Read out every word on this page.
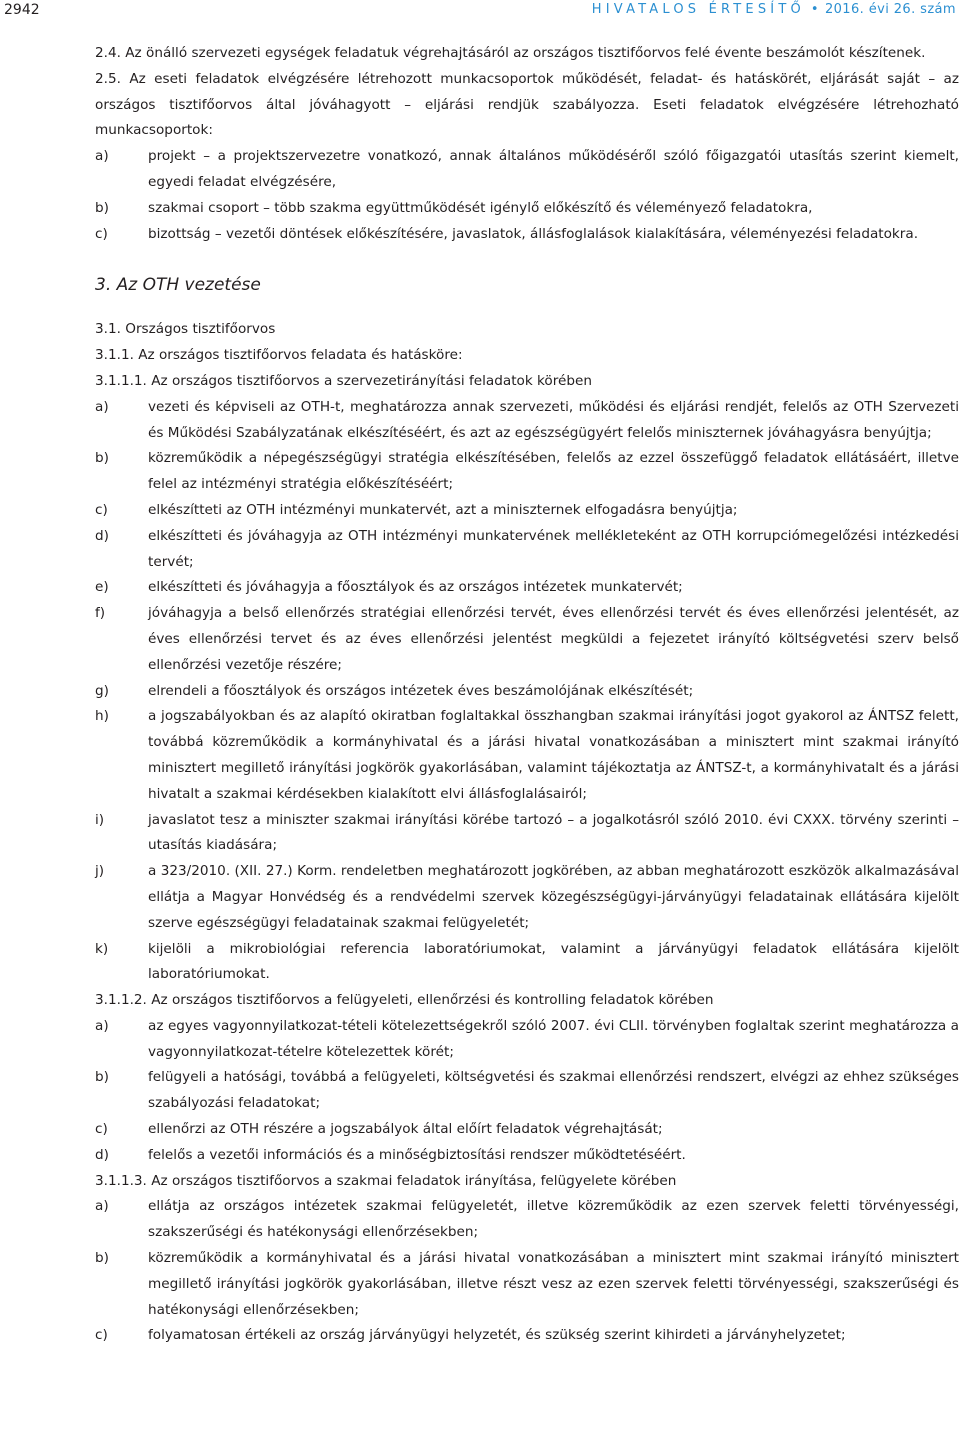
2942	HIVATALOS ÉRTESÍTŐ • 2016. évi 26. szám

2.4. Az önálló szervezeti egységek feladatuk végrehajtásáról az országos tisztifőorvos felé évente beszámolót készítenek.

2.5. Az eseti feladatok elvégzésére létrehozott munkacsoportok működését, feladat- és hatáskörét, eljárását saját – az országos tisztifőorvos által jóváhagyott – eljárási rendjük szabályozza. Eseti feladatok elvégzésére létrehozható munkacsoportok:

a)	projekt – a projektszervezetre vonatkozó, annak általános működéséről szóló főigazgatói utasítás szerint kiemelt, egyedi feladat elvégzésére,
b)	szakmai csoport – több szakma együttműködését igénylő előkészítő és véleményező feladatokra,
c)	bizottság – vezetői döntések előkészítésére, javaslatok, állásfoglalások kialakítására, véleményezési feladatokra.
3. Az OTH vezetése

3.1. Országos tisztifőorvos

3.1.1. Az országos tisztifőorvos feladata és hatásköre:

3.1.1.1. Az országos tisztifőorvos a szervezetirányítási feladatok körében

a)	vezeti és képviseli az OTH-t, meghatározza annak szervezeti, működési és eljárási rendjét, felelős az OTH Szervezeti és Működési Szabályzatának elkészítéséért, és azt az egészségügyért felelős miniszternek jóváhagyásra benyújtja;
b)	közreműködik a népegészségügyi stratégia elkészítésében, felelős az ezzel összefüggő feladatok ellátásáért, illetve felel az intézményi stratégia előkészítéséért;
c)	elkészítteti az OTH intézményi munkatervét, azt a miniszternek elfogadásra benyújtja;
d)	elkészítteti és jóváhagyja az OTH intézményi munkatervének mellékleteként az OTH korrupciómegelőzési intézkedési tervét;
e)	elkészítteti és jóváhagyja a főosztályok és az országos intézetek munkatervét;
f)	jóváhagyja a belső ellenőrzés stratégiai ellenőrzési tervét, éves ellenőrzési tervét és éves ellenőrzési jelentését, az éves ellenőrzési tervet és az éves ellenőrzési jelentést megküldi a fejezetet irányító költségvetési szerv belső ellenőrzési vezetője részére;
g)	elrendeli a főosztályok és országos intézetek éves beszámolójának elkészítését;
h)	a jogszabályokban és az alapító okiratban foglaltakkal összhangban szakmai irányítási jogot gyakorol az ÁNTSZ felett, továbbá közreműködik a kormányhivatal és a járási hivatal vonatkozásában a minisztert mint szakmai irányító minisztert megillető irányítási jogkörök gyakorlásában, valamint tájékoztatja az ÁNTSZ-t, a kormányhivatalt és a járási hivatalt a szakmai kérdésekben kialakított elvi állásfoglalásairól;
i)	javaslatot tesz a miniszter szakmai irányítási körébe tartozó – a jogalkotásról szóló 2010. évi CXXX. törvény szerinti – utasítás kiadására;
j)	a 323/2010. (XII. 27.) Korm. rendeletben meghatározott jogkörében, az abban meghatározott eszközök alkalmazásával ellátja a Magyar Honvédség és a rendvédelmi szervek közegészségügyi-járványügyi feladatainak ellátására kijelölt szerve egészségügyi feladatainak szakmai felügyeletét;
k)	kijelöli a mikrobiológiai referencia laboratóriumokat, valamint a járványügyi feladatok ellátására kijelölt laboratóriumokat.

3.1.1.2. Az országos tisztifőorvos a felügyeleti, ellenőrzési és kontrolling feladatok körében

a)	az egyes vagyonnyilatkozat-tételi kötelezettségekről szóló 2007. évi CLII. törvényben foglaltak szerint meghatározza a vagyonnyilatkozat-tételre kötelezettek körét;
b)	felügyeli a hatósági, továbbá a felügyeleti, költségvetési és szakmai ellenőrzési rendszert, elvégzi az ehhez szükséges szabályozási feladatokat;
c)	ellenőrzi az OTH részére a jogszabályok által előírt feladatok végrehajtását;
d)	felelős a vezetői információs és a minőségbiztosítási rendszer működtetéséért.

3.1.1.3. Az országos tisztifőorvos a szakmai feladatok irányítása, felügyelete körében

a)	ellátja az országos intézetek szakmai felügyeletét, illetve közreműködik az ezen szervek feletti törvényességi, szakszerűségi és hatékonysági ellenőrzésekben;
b)	közreműködik a kormányhivatal és a járási hivatal vonatkozásában a minisztert mint szakmai irányító minisztert megillető irányítási jogkörök gyakorlásában, illetve részt vesz az ezen szervek feletti törvényességi, szakszerűségi és hatékonysági ellenőrzésekben;
c)	folyamatosan értékeli az ország járványügyi helyzetét, és szükség szerint kihirdeti a járványhelyzetet;
